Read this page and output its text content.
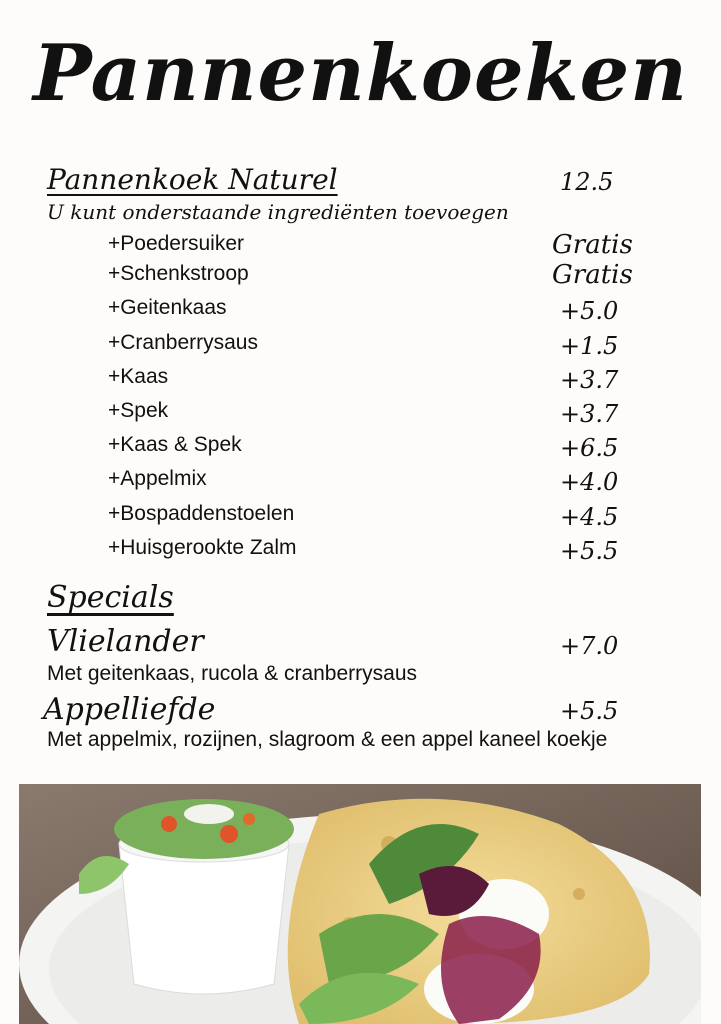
Pannenkoeken
Pannenkoek Naturel	12.5
U kunt onderstaande ingrediënten toevoegen
+Poedersuiker	Gratis
+Schenkstroop	Gratis
+Geitenkaas	+5.0
+Cranberrysaus	+1.5
+Kaas	+3.7
+Spek	+3.7
+Kaas & Spek	+6.5
+Appelmix	+4.0
+Bospaddenstoelen	+4.5
+Huisgerookte Zalm	+5.5
Specials
Vlielander	+7.0
Met geitenkaas, rucola & cranberrysaus
Appelliefde	+5.5
Met appelmix, rozijnen, slagroom & een appel kaneel koekje
